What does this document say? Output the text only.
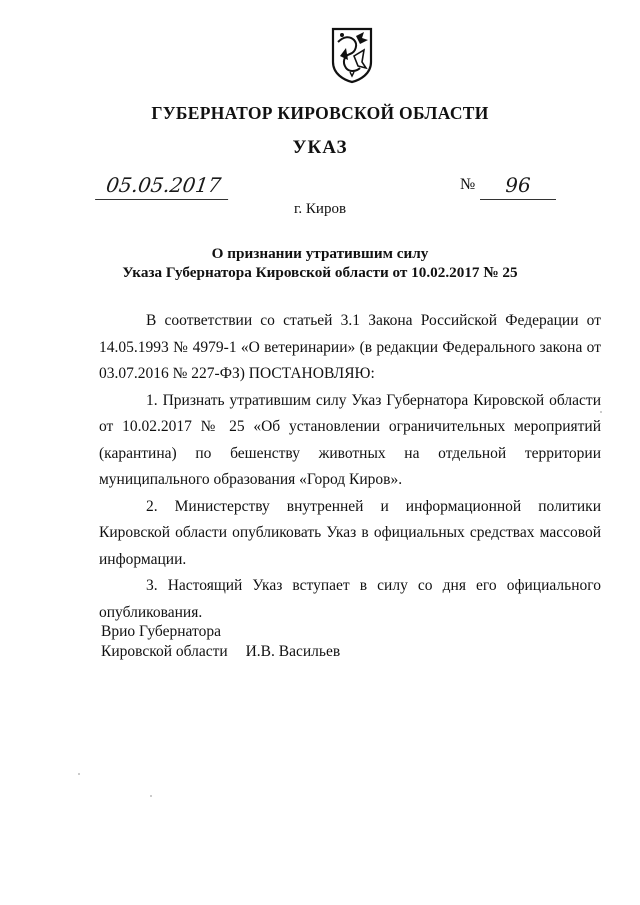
ГУБЕРНАТОР КИРОВСКОЙ ОБЛАСТИ
УКАЗ
05.05.2017	№	96
г. Киров
О признании утратившим силу
Указа Губернатора Кировской области от 10.02.2017 № 25

В соответствии со статьей 3.1 Закона Российской Федерации от 14.05.1993 № 4979-1 «О ветеринарии» (в редакции Федерального закона от 03.07.2016 № 227-ФЗ) ПОСТАНОВЛЯЮ:

1. Признать утратившим силу Указ Губернатора Кировской области от 10.02.2017 № 25 «Об установлении ограничительных мероприятий (карантина) по бешенству животных на отдельной территории муниципального образования «Город Киров».

2. Министерству внутренней и информационной политики Кировской области опубликовать Указ в официальных средствах массовой информации.

3. Настоящий Указ вступает в силу со дня его официального опубликования.

Врио Губернатора
Кировской области И.В. Васильев
